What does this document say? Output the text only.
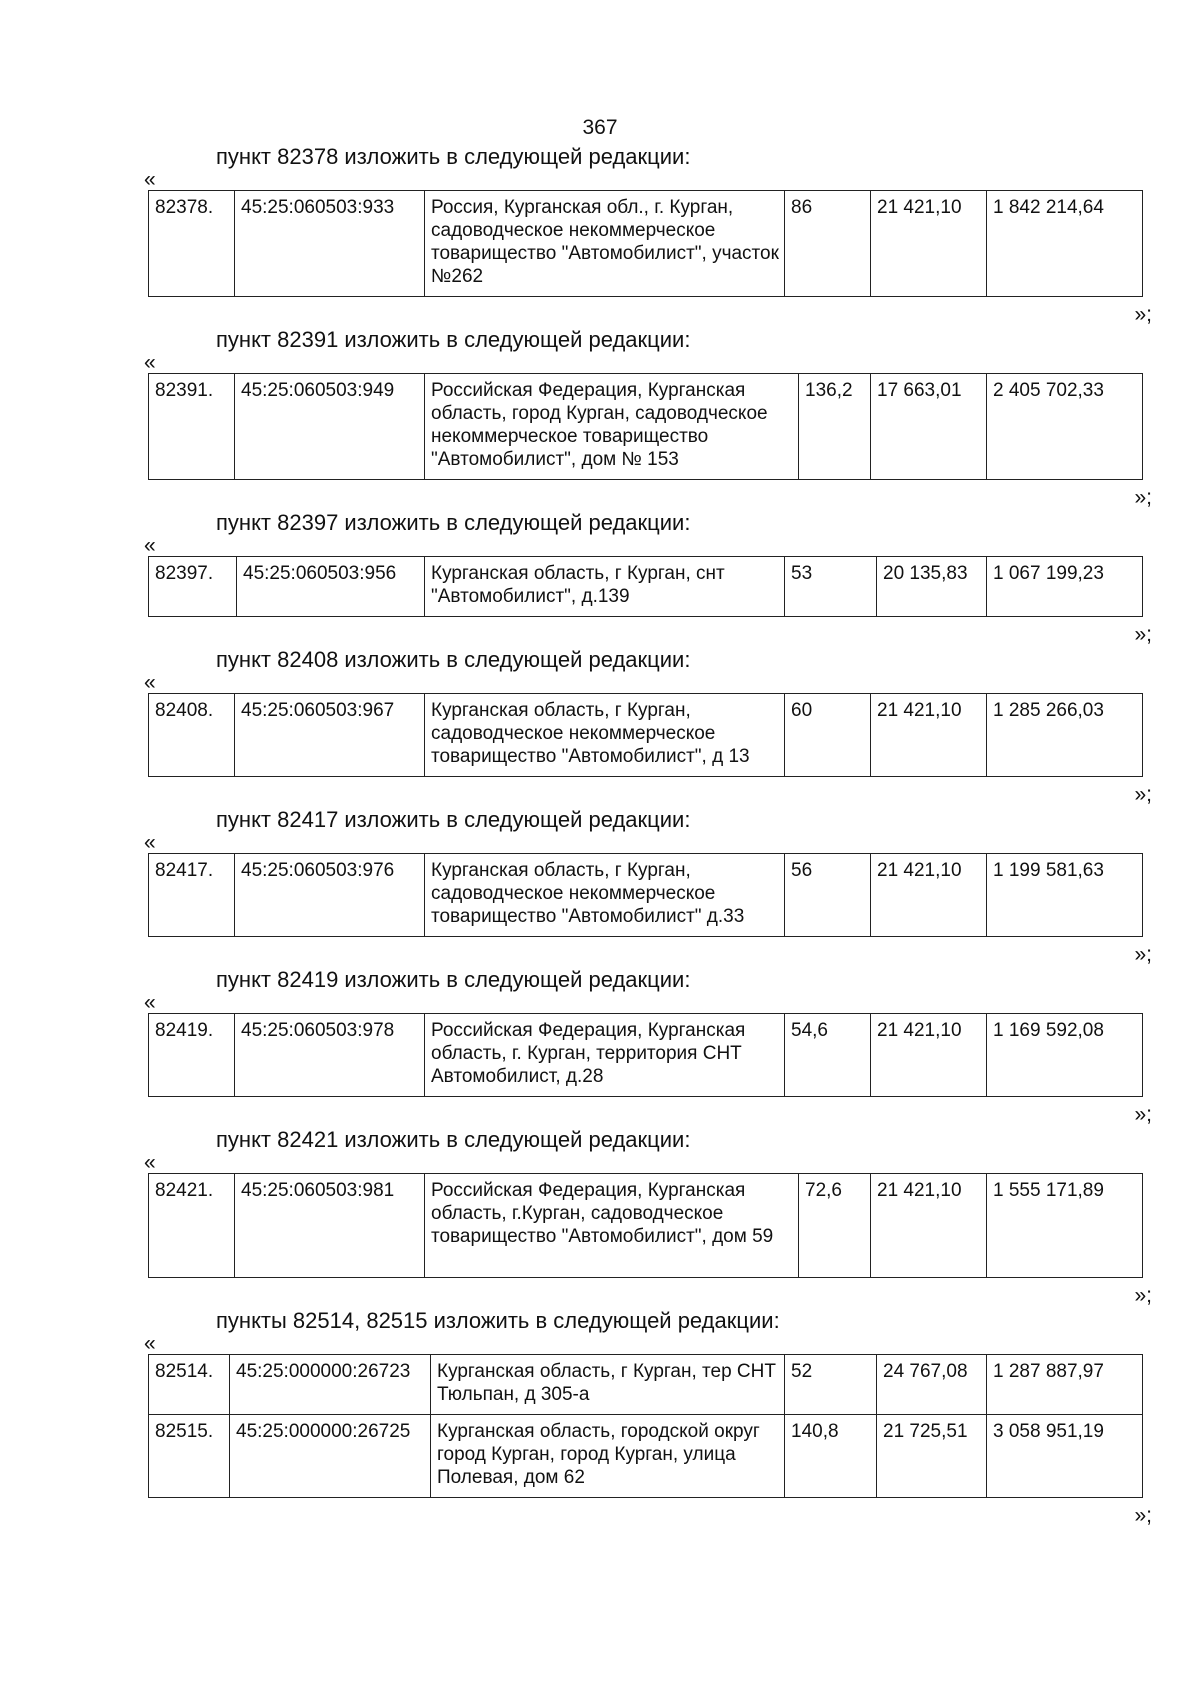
367
пункт 82378 изложить в следующей редакции:
«
82378.	45:25:060503:933	Россия, Курганская обл., г. Курган, садоводческое некоммерческое товарищество "Автомобилист", участок №262	86	21 421,10	1 842 214,64
»;
пункт 82391 изложить в следующей редакции:
«
82391.	45:25:060503:949	Российская Федерация, Курганская область, город Курган, садоводческое некоммерческое товарищество "Автомобилист", дом № 153	136,2	17 663,01	2 405 702,33
»;
пункт 82397 изложить в следующей редакции:
«
82397.	45:25:060503:956	Курганская область, г Курган, снт "Автомобилист", д.139	53	20 135,83	1 067 199,23
»;
пункт 82408 изложить в следующей редакции:
«
82408.	45:25:060503:967	Курганская область, г Курган, садоводческое некоммерческое товарищество "Автомобилист", д 13	60	21 421,10	1 285 266,03
»;
пункт 82417 изложить в следующей редакции:
«
82417.	45:25:060503:976	Курганская область, г Курган, садоводческое некоммерческое товарищество "Автомобилист" д.33	56	21 421,10	1 199 581,63
»;
пункт 82419 изложить в следующей редакции:
«
82419.	45:25:060503:978	Российская Федерация, Курганская область, г. Курган, территория СНТ Автомобилист, д.28	54,6	21 421,10	1 169 592,08
»;
пункт 82421 изложить в следующей редакции:
«
82421.	45:25:060503:981	Российская Федерация, Курганская область, г.Курган, садоводческое товарищество "Автомобилист", дом 59	72,6	21 421,10	1 555 171,89
»;
пункты 82514, 82515 изложить в следующей редакции:
«
82514.	45:25:000000:26723	Курганская область, г Курган, тер СНТ Тюльпан, д 305-а	52	24 767,08	1 287 887,97
82515.	45:25:000000:26725	Курганская область, городской округ город Курган, город Курган, улица Полевая, дом 62	140,8	21 725,51	3 058 951,19
»;
